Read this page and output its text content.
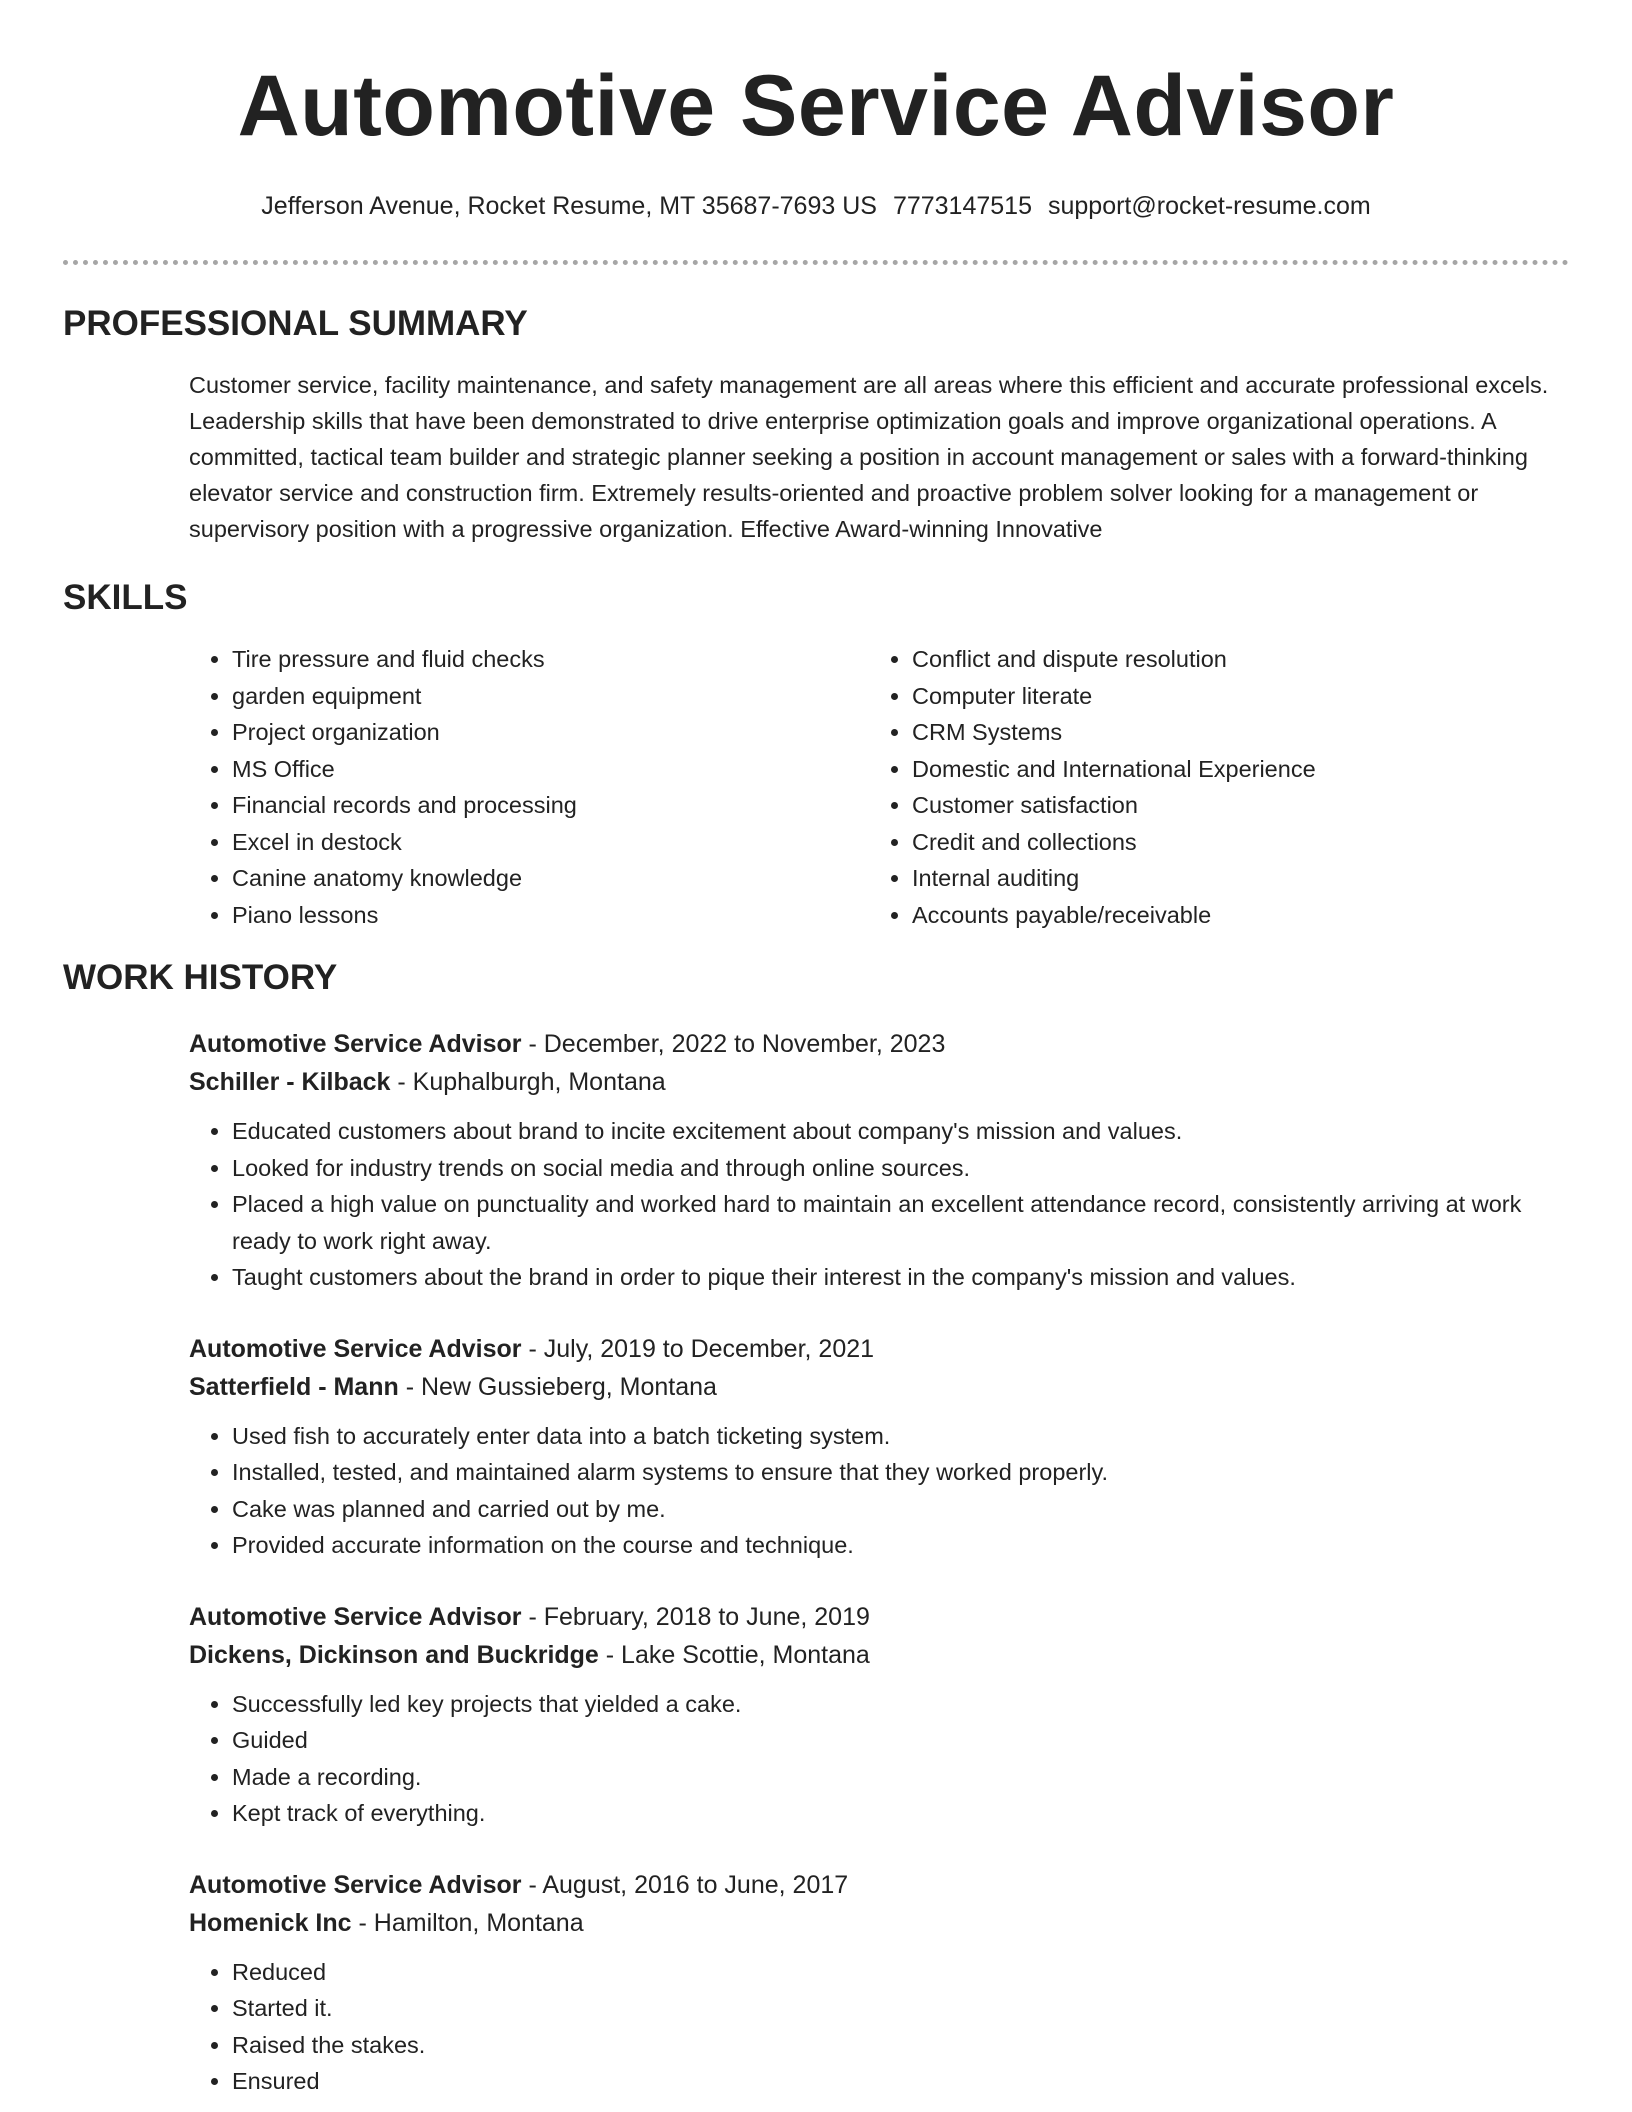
Automotive Service Advisor
Jefferson Avenue, Rocket Resume, MT 35687-7693 US 7773147515 support@rocket-resume.com
PROFESSIONAL SUMMARY

Customer service, facility maintenance, and safety management are all areas where this efficient and accurate professional excels. Leadership skills that have been demonstrated to drive enterprise optimization goals and improve organizational operations. A committed, tactical team builder and strategic planner seeking a position in account management or sales with a forward-thinking elevator service and construction firm. Extremely results-oriented and proactive problem solver looking for a management or supervisory position with a progressive organization. Effective Award-winning Innovative

SKILLS
• Tire pressure and fluid checks
• garden equipment
• Project organization
• MS Office
• Financial records and processing
• Excel in destock
• Canine anatomy knowledge
• Piano lessons
• Conflict and dispute resolution
• Computer literate
• CRM Systems
• Domestic and International Experience
• Customer satisfaction
• Credit and collections
• Internal auditing
• Accounts payable/receivable
WORK HISTORY
Automotive Service Advisor - December, 2022 to November, 2023
Schiller - Kilback - Kuphalburgh, Montana
• Educated customers about brand to incite excitement about company's mission and values.
• Looked for industry trends on social media and through online sources.
• Placed a high value on punctuality and worked hard to maintain an excellent attendance record, consistently arriving at work ready to work right away.
• Taught customers about the brand in order to pique their interest in the company's mission and values.
Automotive Service Advisor - July, 2019 to December, 2021
Satterfield - Mann - New Gussieberg, Montana
• Used fish to accurately enter data into a batch ticketing system.
• Installed, tested, and maintained alarm systems to ensure that they worked properly.
• Cake was planned and carried out by me.
• Provided accurate information on the course and technique.
Automotive Service Advisor - February, 2018 to June, 2019
Dickens, Dickinson and Buckridge - Lake Scottie, Montana
• Successfully led key projects that yielded a cake.
• Guided
• Made a recording.
• Kept track of everything.
Automotive Service Advisor - August, 2016 to June, 2017
Homenick Inc - Hamilton, Montana
• Reduced
• Started it.
• Raised the stakes.
• Ensured
